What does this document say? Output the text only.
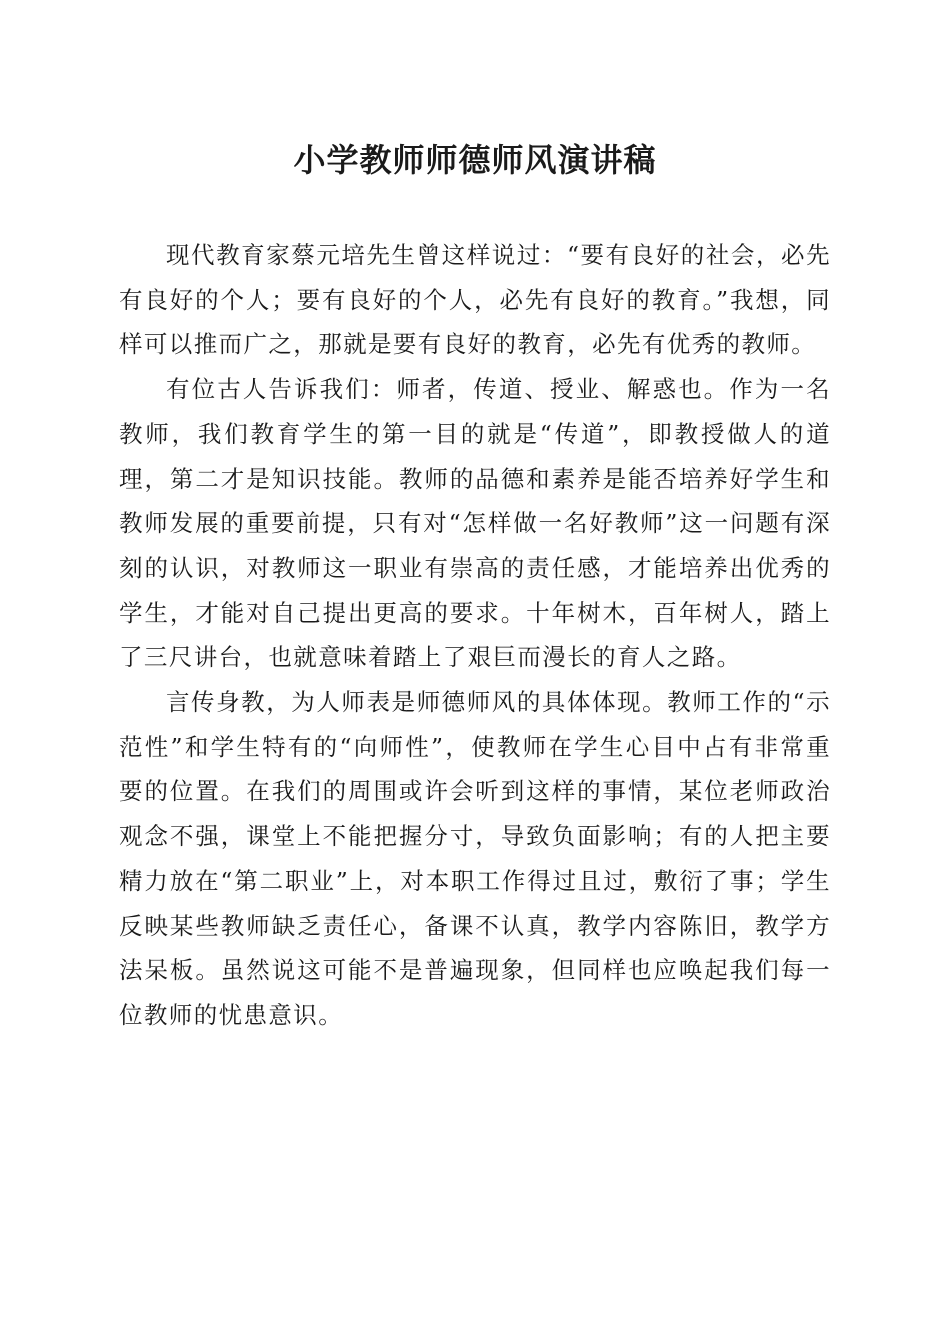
小学教师师德师风演讲稿

现代教育家蔡元培先生曾这样说过：“要有良好的社会，必先有良好的个人；要有良好的个人，必先有良好的教育。”我想，同样可以推而广之，那就是要有良好的教育，必先有优秀的教师。

有位古人告诉我们：师者，传道、授业、解惑也。作为一名教师，我们教育学生的第一目的就是“传道”，即教授做人的道理，第二才是知识技能。教师的品德和素养是能否培养好学生和教师发展的重要前提，只有对“怎样做一名好教师”这一问题有深刻的认识，对教师这一职业有崇高的责任感，才能培养出优秀的学生，才能对自己提出更高的要求。十年树木，百年树人，踏上了三尺讲台，也就意味着踏上了艰巨而漫长的育人之路。

言传身教，为人师表是师德师风的具体体现。教师工作的“示范性”和学生特有的“向师性”，使教师在学生心目中占有非常重要的位置。在我们的周围或许会听到这样的事情，某位老师政治观念不强，课堂上不能把握分寸，导致负面影响；有的人把主要精力放在“第二职业”上，对本职工作得过且过，敷衍了事；学生反映某些教师缺乏责任心，备课不认真，教学内容陈旧，教学方法呆板。虽然说这可能不是普遍现象，但同样也应唤起我们每一位教师的忧患意识。
